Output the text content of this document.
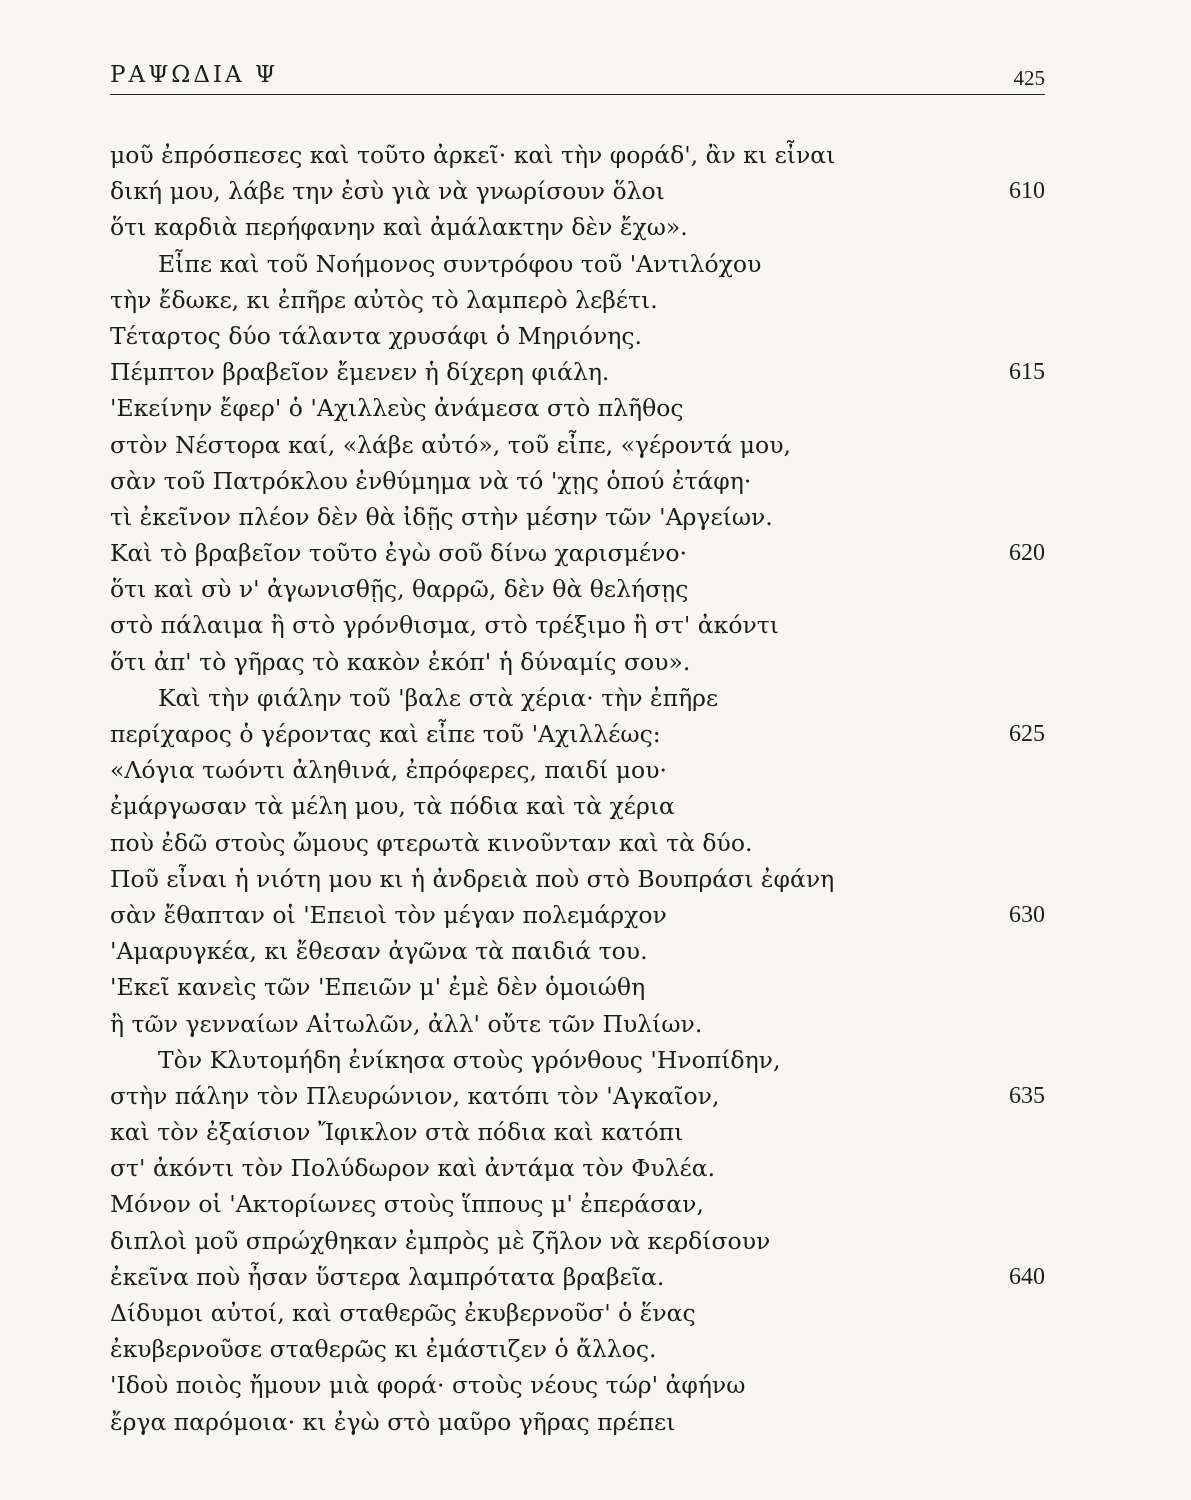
ΡΑΨΩΔΙΑ Ψ	425
μοῦ ἐπρόσπεσες καὶ τοῦτο ἀρκεῖ· καὶ τὴν φοράδ', ἂν κι εἶναι
δική μου, λάβε την ἐσὺ γιὰ νὰ γνωρίσουν ὅλοι	610
ὅτι καρδιὰ περήφανην καὶ ἀμάλακτην δὲν ἔχω».
Εἶπε καὶ τοῦ Νοήμονος συντρόφου τοῦ 'Αντιλόχου
τὴν ἔδωκε, κι ἐπῆρε αὐτὸς τὸ λαμπερὸ λεβέτι.
Τέταρτος δύο τάλαντα χρυσάφι ὁ Μηριόνης.
Πέμπτον βραβεῖον ἔμενεν ἡ δίχερη φιάλη.	615
'Εκείνην ἔφερ' ὁ 'Αχιλλεὺς ἀνάμεσα στὸ πλῆθος
στὸν Νέστορα καί, «λάβε αὐτό», τοῦ εἶπε, «γέροντά μου,
σὰν τοῦ Πατρόκλου ἐνθύμημα νὰ τό 'χῃς ὁπού ἐτάφη·
τὶ ἐκεῖνον πλέον δὲν θὰ ἰδῇς στὴν μέσην τῶν 'Αργείων.
Καὶ τὸ βραβεῖον τοῦτο ἐγὼ σοῦ δίνω χαρισμένο·	620
ὅτι καὶ σὺ ν' ἀγωνισθῇς, θαρρῶ, δὲν θὰ θελήσῃς
στὸ πάλαιμα ἢ στὸ γρόνθισμα, στὸ τρέξιμο ἢ στ' ἀκόντι
ὅτι ἀπ' τὸ γῆρας τὸ κακὸν ἐκόπ' ἡ δύναμίς σου».
Καὶ τὴν φιάλην τοῦ 'βαλε στὰ χέρια· τὴν ἐπῆρε
περίχαρος ὁ γέροντας καὶ εἶπε τοῦ 'Αχιλλέως:	625
«Λόγια τωόντι ἀληθινά, ἐπρόφερες, παιδί μου·
ἐμάργωσαν τὰ μέλη μου, τὰ πόδια καὶ τὰ χέρια
ποὺ ἐδῶ στοὺς ὤμους φτερωτὰ κινοῦνταν καὶ τὰ δύο.
Ποῦ εἶναι ἡ νιότη μου κι ἡ ἀνδρειὰ ποὺ στὸ Βουπράσι ἐφάνη
σὰν ἔθαπταν οἱ 'Επειοὶ τὸν μέγαν πολεμάρχον	630
'Αμαρυγκέα, κι ἔθεσαν ἀγῶνα τὰ παιδιά του.
'Εκεῖ κανεὶς τῶν 'Επειῶν μ' ἐμὲ δὲν ὁμοιώθη
ἢ τῶν γενναίων Αἰτωλῶν, ἀλλ' οὔτε τῶν Πυλίων.
Τὸν Κλυτομήδη ἐνίκησα στοὺς γρόνθους 'Ηνοπίδην,
στὴν πάλην τὸν Πλευρώνιον, κατόπι τὸν 'Αγκαῖον,	635
καὶ τὸν ἐξαίσιον Ἴφικλον στὰ πόδια καὶ κατόπι
στ' ἀκόντι τὸν Πολύδωρον καὶ ἀντάμα τὸν Φυλέα.
Μόνον οἱ 'Ακτορίωνες στοὺς ἵππους μ' ἐπεράσαν,
διπλοὶ μοῦ σπρώχθηκαν ἐμπρὸς μὲ ζῆλον νὰ κερδίσουν
ἐκεῖνα ποὺ ἦσαν ὕστερα λαμπρότατα βραβεῖα.	640
Δίδυμοι αὐτοί, καὶ σταθερῶς ἐκυβερνοῦσ' ὁ ἕνας
ἐκυβερνοῦσε σταθερῶς κι ἐμάστιζεν ὁ ἄλλος.
'Ιδοὺ ποιὸς ἤμουν μιὰ φορά· στοὺς νέους τώρ' ἀφήνω
ἔργα παρόμοια· κι ἐγὼ στὸ μαῦρο γῆρας πρέπει
